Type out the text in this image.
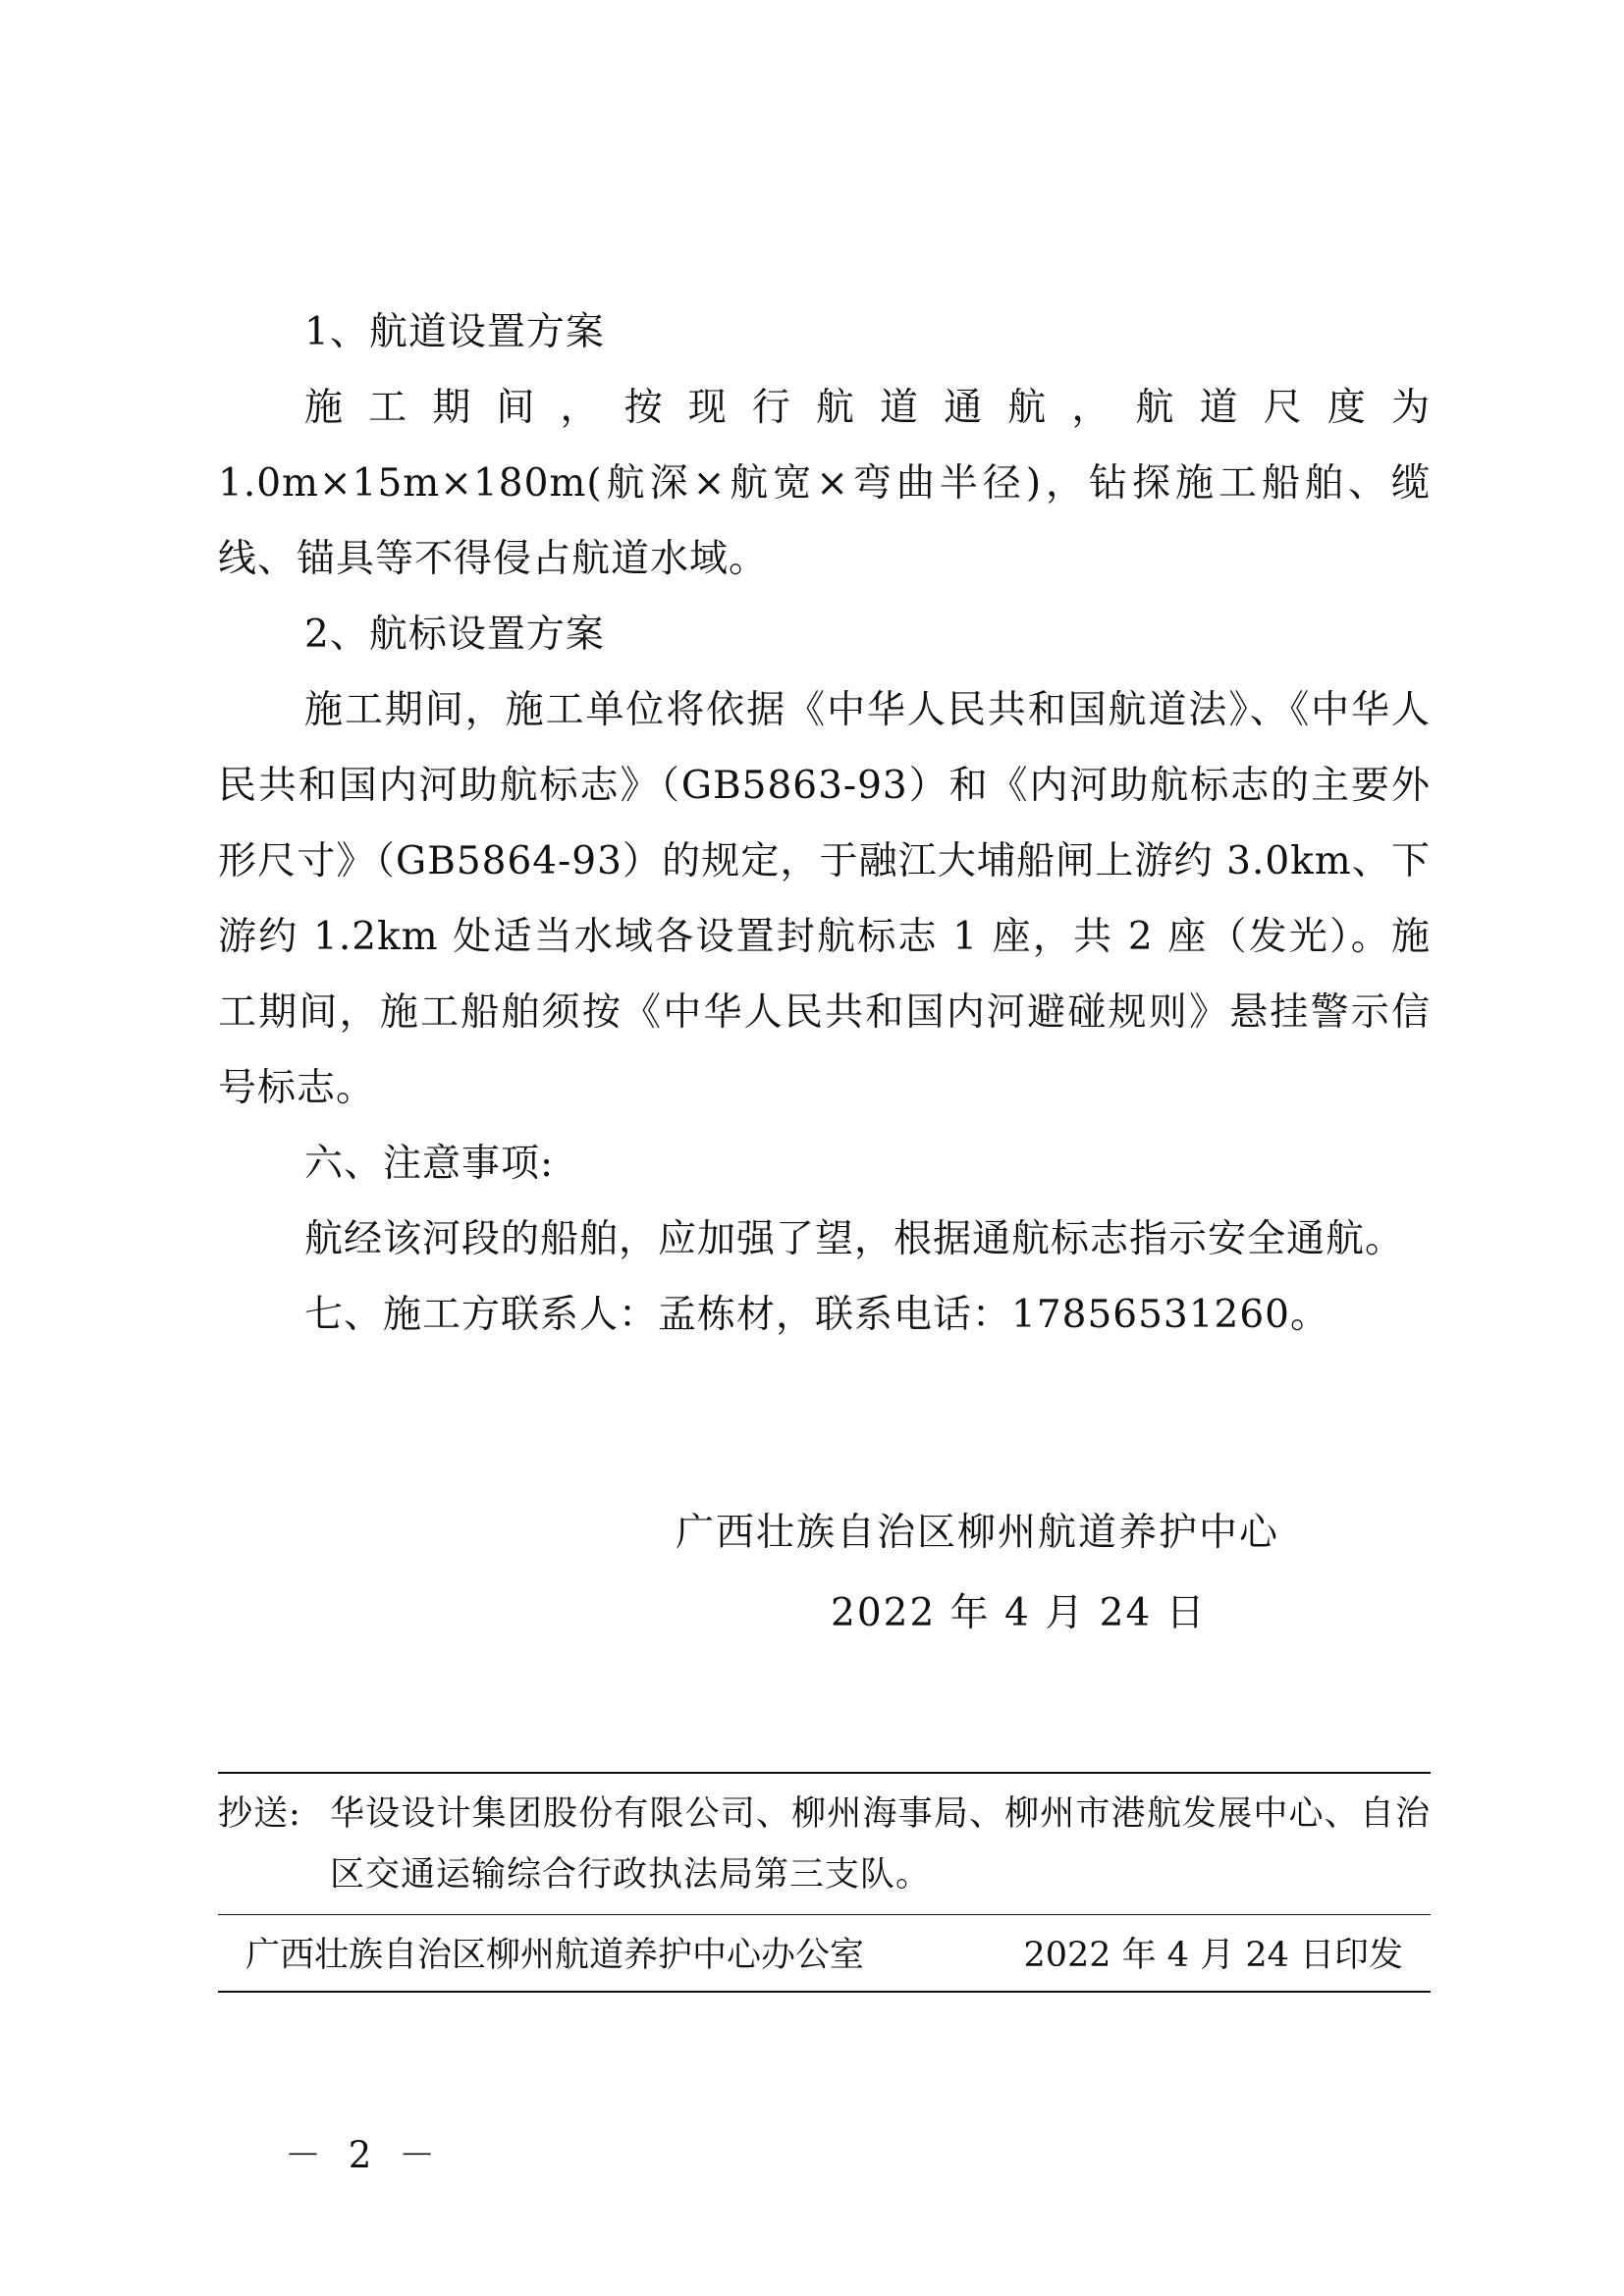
1、航道设置方案

施工期间，按现行航道通航，航道尺度为 1.0m×15m×180m(航深×航宽×弯曲半径)，钻探施工船舶、缆线、锚具等不得侵占航道水域。

2、航标设置方案

施工期间，施工单位将依据《中华人民共和国航道法》、《中华人民共和国内河助航标志》（GB5863-93）和《内河助航标志的主要外形尺寸》（GB5864-93）的规定，于融江大埔船闸上游约 3.0km、下游约 1.2km 处适当水域各设置封航标志 1 座，共 2 座（发光）。施工期间，施工船舶须按《中华人民共和国内河避碰规则》悬挂警示信号标志。

六、注意事项:

航经该河段的船舶，应加强了望，根据通航标志指示安全通航。

七、施工方联系人：孟栋材，联系电话：17856531260。

广西壮族自治区柳州航道养护中心
2022 年 4 月 24 日
抄送: 华设设计集团股份有限公司、柳州海事局、柳州市港航发展中心、自治区交通运输综合行政执法局第三支队。
广西壮族自治区柳州航道养护中心办公室	2022 年 4 月 24 日印发
－ 2 －
